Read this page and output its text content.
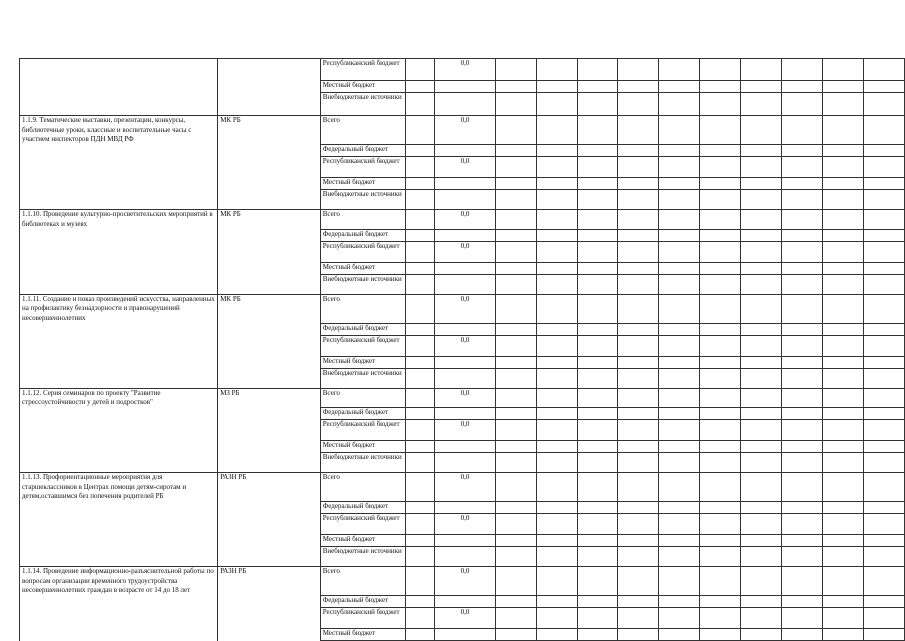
		Республиканский бюджет		0,0										
		Местный бюджет												
		Внебюджетные источники												
1.1.9. Тематические выставки, презентации, конкурсы, библиотечные уроки, классные и воспитательные часы с участием инспекторов ПДН МВД РФ	МК РБ	Всего		0,0										
		Федеральный бюджет												
		Республиканский бюджет		0,0										
		Местный бюджет												
		Внебюджетные источники												
1.1.10. Проведение культурно-просветительских мероприятий в библиотеках и музеях	МК РБ	Всего		0,0										
		Федеральный бюджет												
		Республиканский бюджет		0,0										
		Местный бюджет												
		Внебюджетные источники												
1.1.11. Создание и показ произведений искусства, направленных на профилактику безнадзорности и правонарушений несовершеннолетних	МК РБ	Всего		0,0										
		Федеральный бюджет												
		Республиканский бюджет		0,0										
		Местный бюджет												
		Внебюджетные источники												
1.1.12. Серия семинаров по проекту "Развитие стрессоустойчивости у детей и подростков"	МЗ РБ	Всего		0,0										
		Федеральный бюджет												
		Республиканский бюджет		0,0										
		Местный бюджет												
		Внебюджетные источники												
1.1.13. Профориентационные мероприятия для старшеклассников в Центрах помощи детям-сиротам и детям,оставшимся без попечения родителей РБ	РАЗН РБ	Всего		0,0										
		Федеральный бюджет												
		Республиканский бюджет		0,0										
		Местный бюджет												
		Внебюджетные источники												
1.1.14. Проведение информационно-разъяснительной работы по вопросам организации временного трудоустройства несовершеннолетних граждан в возрасте от 14 до 18 лет	РАЗН РБ	Всего		0,0										
		Федеральный бюджет												
		Республиканский бюджет		0,0										
		Местный бюджет												
